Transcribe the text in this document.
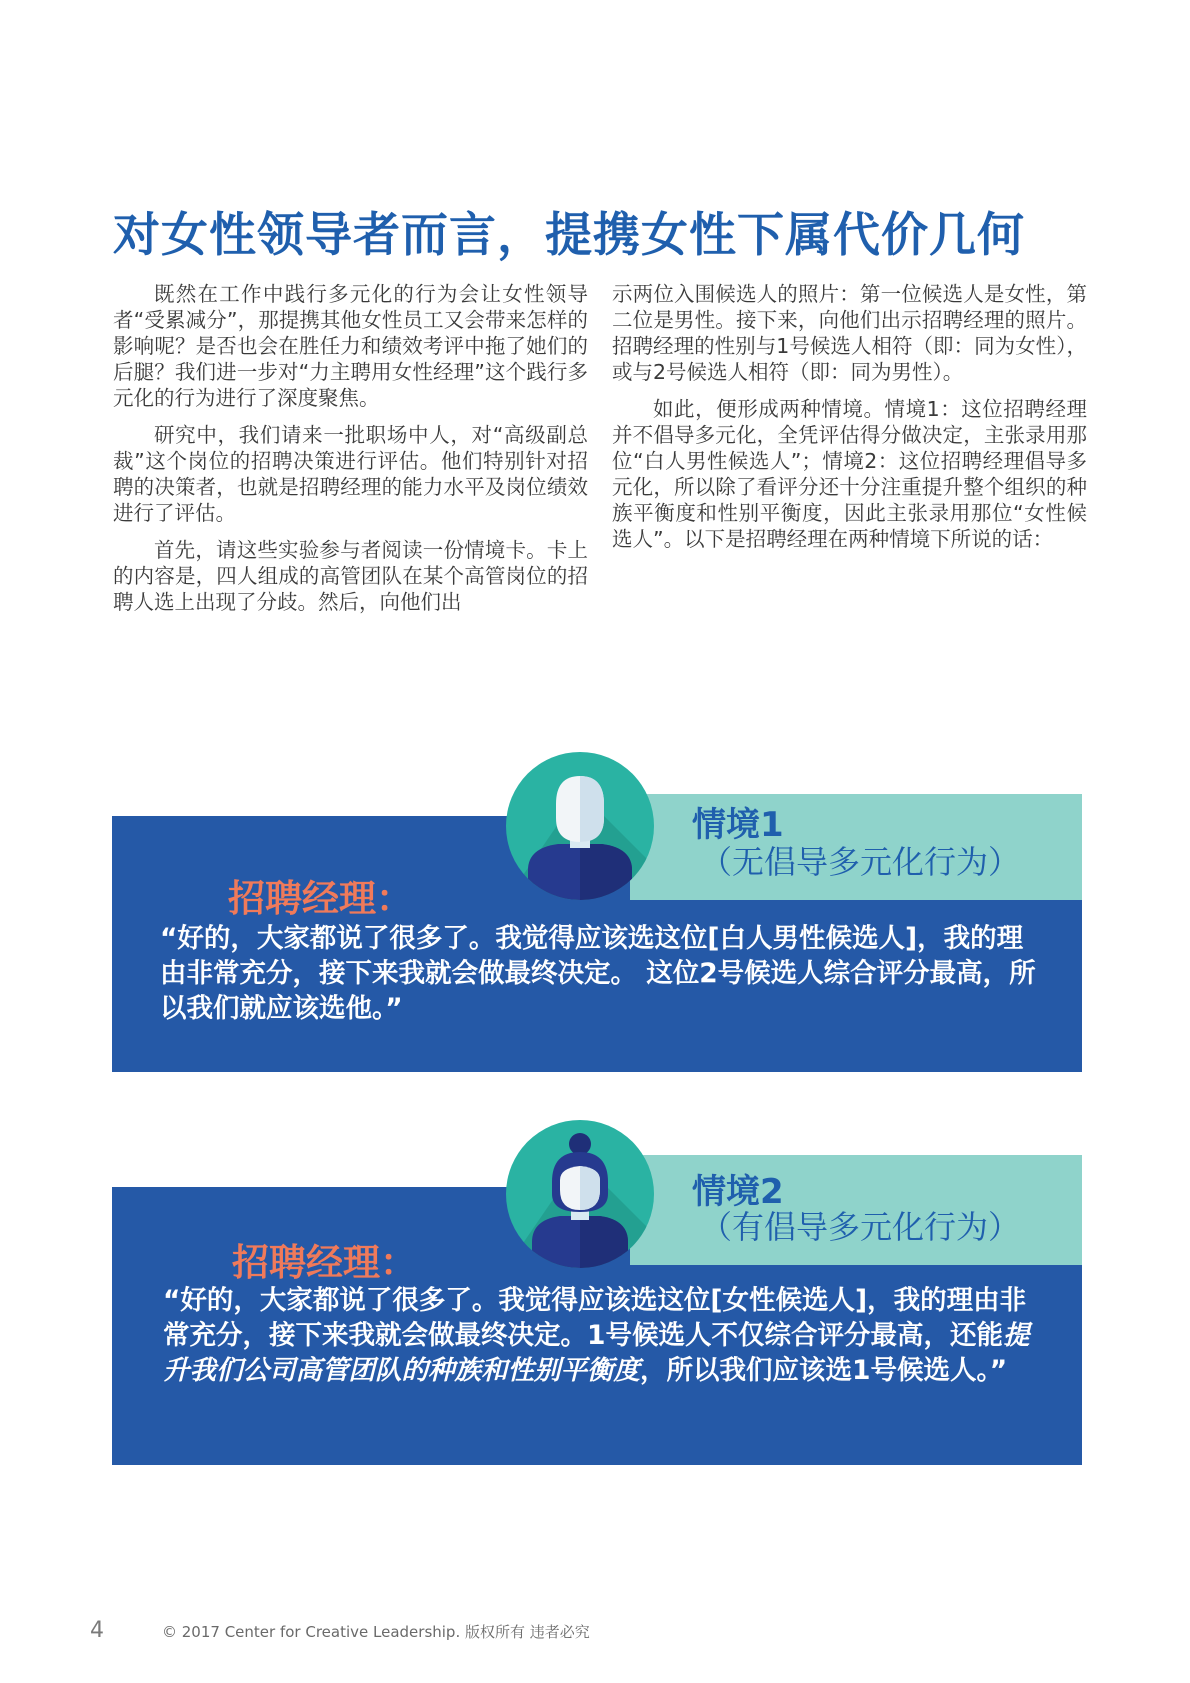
对女性领导者而言，提携女性下属代价几何

既然在工作中践行多元化的行为会让女性领导者“受累减分”，那提携其他女性员工又会带来怎样的影响呢？是否也会在胜任力和绩效考评中拖了她们的后腿？我们进一步对“力主聘用女性经理”这个践行多元化的行为进行了深度聚焦。

研究中，我们请来一批职场中人，对“高级副总裁”这个岗位的招聘决策进行评估。他们特别针对招聘的决策者，也就是招聘经理的能力水平及岗位绩效进行了评估。

首先，请这些实验参与者阅读一份情境卡。卡上的内容是，四人组成的高管团队在某个高管岗位的招聘人选上出现了分歧。然后，向他们出

示两位入围候选人的照片：第一位候选人是女性，第二位是男性。接下来，向他们出示招聘经理的照片。招聘经理的性别与1号候选人相符（即：同为女性），或与2号候选人相符（即：同为男性）。

如此，便形成两种情境。情境1：这位招聘经理并不倡导多元化，全凭评估得分做决定，主张录用那位“白人男性候选人”；情境2：这位招聘经理倡导多元化，所以除了看评分还十分注重提升整个组织的种族平衡度和性别平衡度，因此主张录用那位“女性候选人”。以下是招聘经理在两种情境下所说的话：

情境1
（无倡导多元化行为）
招聘经理：
“好的，大家都说了很多了。我觉得应该选这位[白人男性候选人]，我的理由非常充分，接下来我就会做最终决定。 这位2号候选人综合评分最高，所以我们就应该选他。”
情境2
（有倡导多元化行为）
招聘经理：
“好的，大家都说了很多了。我觉得应该选这位[女性候选人]，我的理由非常充分，接下来我就会做最终决定。1号候选人不仅综合评分最高，还能提升我们公司高管团队的种族和性别平衡度，所以我们应该选1号候选人。”
4	© 2017 Center for Creative Leadership. 版权所有 违者必究
